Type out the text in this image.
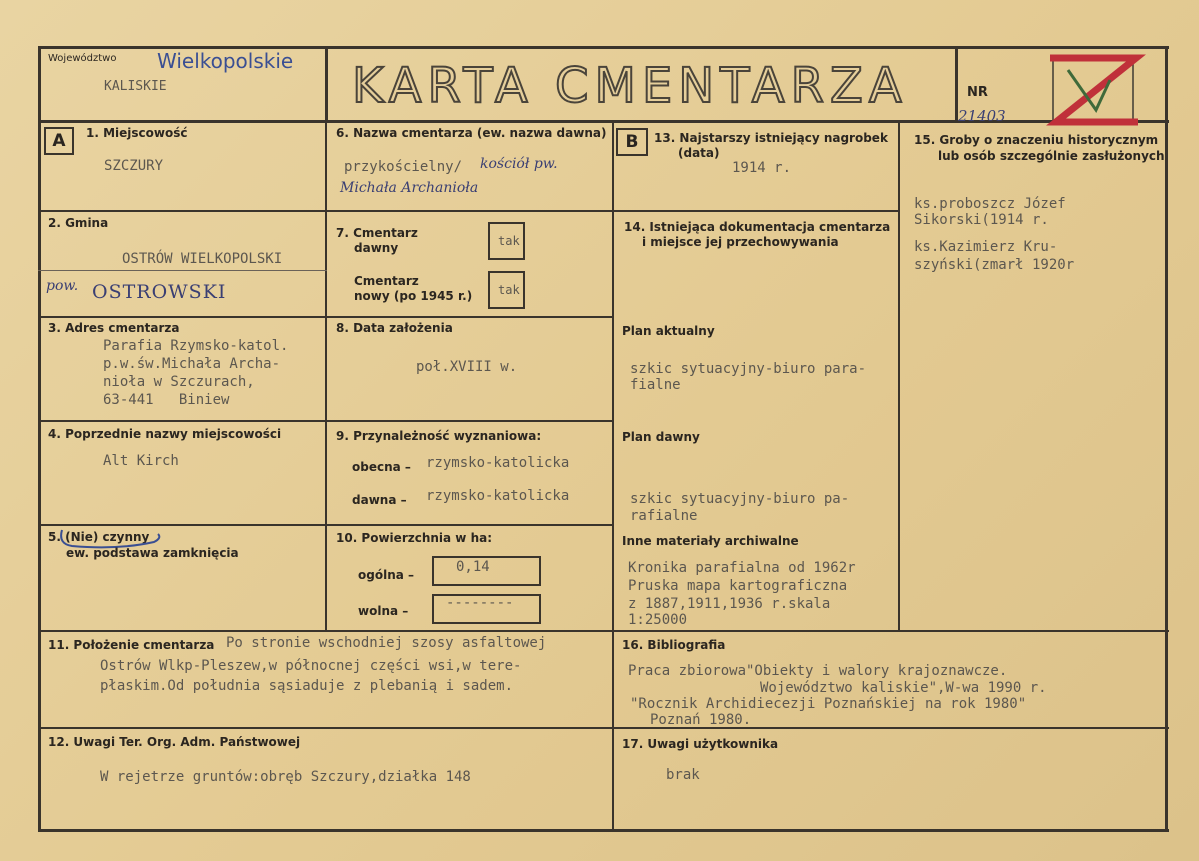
Województwo Wielkopolskie
KALISKIE	KARTA CMENTARZA	NR
21403
A	B
1. Miejscowość
SZCZURY
2. Gmina
OSTRÓW WIELKOPOLSKI
pow. OSTROWSKI
3. Adres cmentarza
Parafia Rzymsko-katol.
p.w.św.Michała Archa-
nioła w Szczurach,
63-441   Biniew
4. Poprzednie nazwy miejscowości
Alt Kirch
5. (Nie) czynny
ew. podstawa zamknięcia
6. Nazwa cmentarza (ew. nazwa dawna)
przykościelny/ kościół pw.
Michała Archanioła
7. Cmentarz
dawny	tak
Cmentarz
nowy (po 1945 r.) tak
8. Data założenia
poł.XVIII w.
9. Przynależność wyznaniowa:
obecna – rzymsko-katolicka
dawna – rzymsko-katolicka
10. Powierzchnia w ha:
ogólna –	0,14
wolna –	--------
13. Najstarszy istniejący nagrobek
(data)
1914 r.
14. Istniejąca dokumentacja cmentarza
i miejsce jej przechowywania
Plan aktualny
szkic sytuacyjny-biuro para-
fialne
Plan dawny
szkic sytuacyjny-biuro pa-
rafialne
Inne materiały archiwalne
Kronika parafialna od 1962r
Pruska mapa kartograficzna
z 1887,1911,1936 r.skala
1:25000
15. Groby o znaczeniu historycznym
lub osób szczególnie zasłużonych
ks.proboszcz Józef
Sikorski(1914 r.
ks.Kazimierz Kru-
szyński(zmarł 1920r
11. Położenie cmentarza Po stronie wschodniej szosy asfaltowej
Ostrów Wlkp-Pleszew,w północnej części wsi,w tere-
płaskim.Od południa sąsiaduje z plebanią i sadem.
16. Bibliografia
Praca zbiorowa"Obiekty i walory krajoznawcze.
Województwo kaliskie",W-wa 1990 r.
"Rocznik Archidiecezji Poznańskiej na rok 1980"
Poznań 1980.
12. Uwagi Ter. Org. Adm. Państwowej
W rejetrze gruntów:obręb Szczury,działka 148
17. Uwagi użytkownika
brak
